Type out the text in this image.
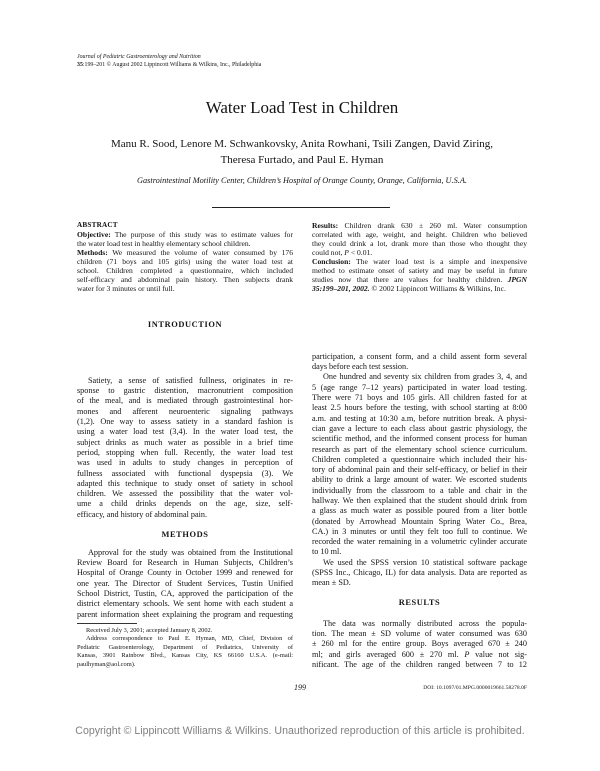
Journal of Pediatric Gastroenterology and Nutrition
35:199–201 © August 2002 Lippincott Williams & Wilkins, Inc., Philadelphia
Water Load Test in Children
Manu R. Sood, Lenore M. Schwankovsky, Anita Rowhani, Tsili Zangen, David Ziring,
Theresa Furtado, and Paul E. Hyman
Gastrointestinal Motility Center, Children’s Hospital of Orange County, Orange, California, U.S.A.
ABSTRACT
Objective: The purpose of this study was to estimate values for
the water load test in healthy elementary school children.
Methods: We measured the volume of water consumed by 176
children (71 boys and 105 girls) using the water load test at
school. Children completed a questionnaire, which included
self-efficacy and abdominal pain history. Then subjects drank
water for 3 minutes or until full.
Results: Children drank 630 ± 260 ml. Water consumption
correlated with age, weight, and height. Children who believed
they could drink a lot, drank more than those who thought they
could not, P < 0.01.
Conclusion: The water load test is a simple and inexpensive
method to estimate onset of satiety and may be useful in future
studies now that there are values for healthy children. JPGN
35:199–201, 2002. © 2002 Lippincott Williams & Wilkins, Inc.
INTRODUCTION
Satiety, a sense of satisfied fullness, originates in re-
sponse to gastric distention, macronutrient composition
of the meal, and is mediated through gastrointestinal hor-
mones and afferent neuroenteric signaling pathways
(1,2). One way to assess satiety in a standard fashion is
using a water load test (3,4). In the water load test, the
subject drinks as much water as possible in a brief time
period, stopping when full. Recently, the water load test
was used in adults to study changes in perception of
fullness associated with functional dyspepsia (3). We
adapted this technique to study onset of satiety in school
children. We assessed the possibility that the water vol-
ume a child drinks depends on the age, size, self-
efficacy, and history of abdominal pain.
METHODS
Approval for the study was obtained from the Institutional
Review Board for Research in Human Subjects, Children’s
Hospital of Orange County in October 1999 and renewed for
one year. The Director of Student Services, Tustin Unified
School District, Tustin, CA, approved the participation of the
district elementary schools. We sent home with each student a
parent information sheet explaining the program and requesting
Received July 3, 2001; accepted January 8, 2002.
Address correspondence to Paul E. Hyman, MD, Chief, Division of
Pediatric Gastroenterology, Department of Pediatrics, University of
Kansas, 3901 Rainbow Blvd., Kansas City, KS 66160 U.S.A. (e-mail:
paulhyman@aol.com).
participation, a consent form, and a child assent form several
days before each test session.
One hundred and seventy six children from grades 3, 4, and
5 (age range 7–12 years) participated in water load testing.
There were 71 boys and 105 girls. All children fasted for at
least 2.5 hours before the testing, with school starting at 8:00
a.m. and testing at 10:30 a.m, before nutrition break. A physi-
cian gave a lecture to each class about gastric physiology, the
scientific method, and the informed consent process for human
research as part of the elementary school science curriculum.
Children completed a questionnaire which included their his-
tory of abdominal pain and their self-efficacy, or belief in their
ability to drink a large amount of water. We escorted students
individually from the classroom to a table and chair in the
hallway. We then explained that the student should drink from
a glass as much water as possible poured from a liter bottle
(donated by Arrowhead Mountain Spring Water Co., Brea,
CA.) in 3 minutes or until they felt too full to continue. We
recorded the water remaining in a volumetric cylinder accurate
to 10 ml.
We used the SPSS version 10 statistical software package
(SPSS Inc., Chicago, IL) for data analysis. Data are reported as
mean ± SD.
RESULTS
The data was normally distributed across the popula-
tion. The mean ± SD volume of water consumed was 630
± 260 ml for the entire group. Boys averaged 670 ± 240
ml; and girls averaged 600 ± 270 ml. P value not sig-
nificant. The age of the children ranged between 7 to 12
199	DOI: 10.1097/01.MPG.0000019661.58278.0F
Copyright © Lippincott Williams & Wilkins. Unauthorized reproduction of this article is prohibited.
